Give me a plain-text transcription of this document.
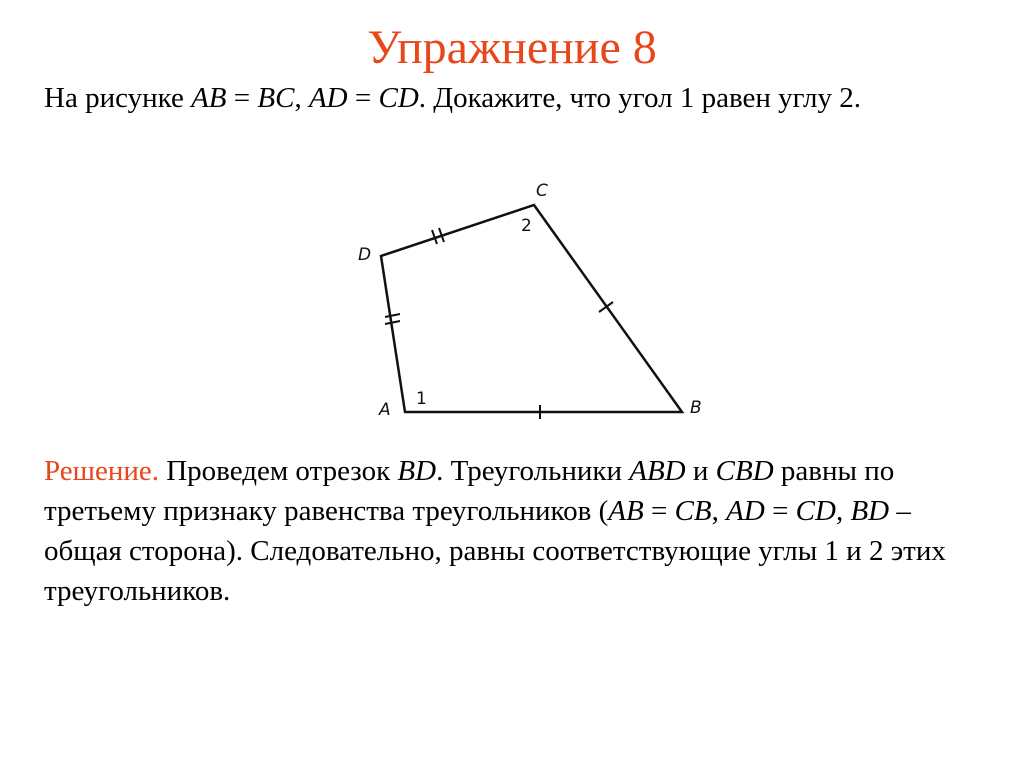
Упражнение 8
На рисунке AB = BC, AD = CD. Докажите, что угол 1 равен углу 2.
A	B
C
D
1
2
Решение. Проведем отрезок BD. Треугольники ABD и CBD равны по третьему признаку равенства треугольников (AB = CB, AD = CD, BD – общая сторона). Следовательно, равны соответствующие углы 1 и 2 этих треугольников.
